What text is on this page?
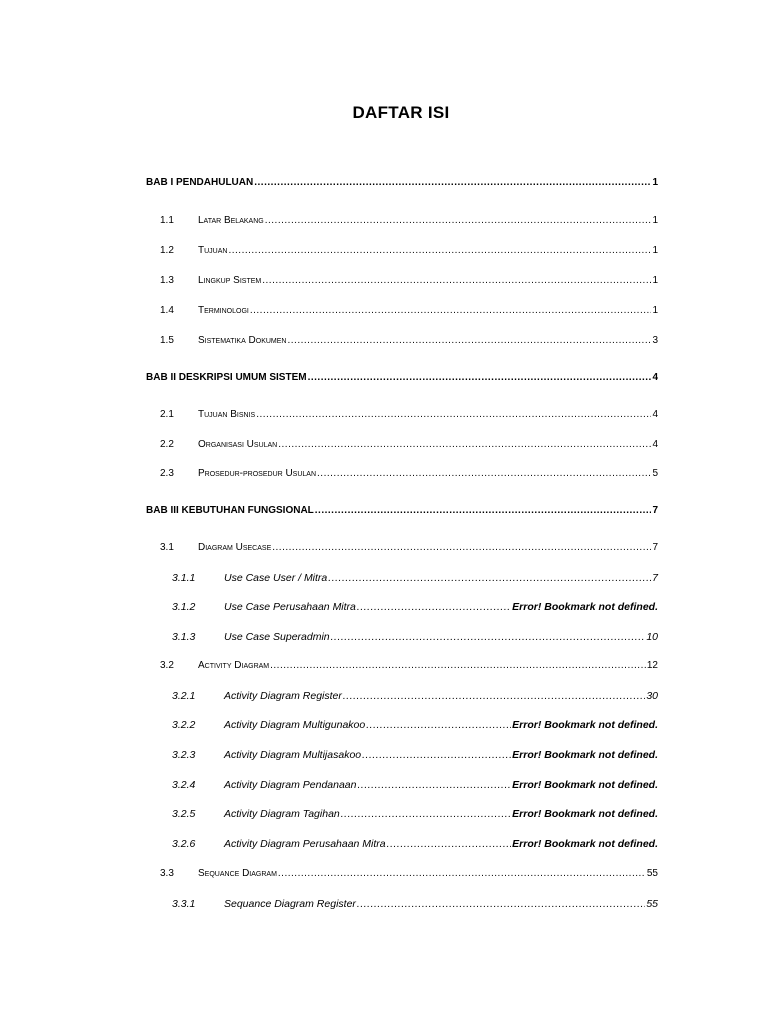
DAFTAR ISI
BAB I PENDAHULUAN .....	1
1.1	Latar Belakang .....	1
1.2	Tujuan .....	1
1.3	Lingkup Sistem .....	1
1.4	Terminologi .....	1
1.5	Sistematika Dokumen .....	3
BAB II DESKRIPSI UMUM SISTEM .....	4
2.1	Tujuan Bisnis .....	4
2.2	Organisasi Usulan .....	4
2.3	Prosedur-prosedur Usulan .....	5
BAB III KEBUTUHAN FUNGSIONAL .....	7
3.1	Diagram Usecase .....	7
3.1.1	Use Case User / Mitra .....	7
3.1.2	Use Case Perusahaan Mitra .....	Error! Bookmark not defined.
3.1.3	Use Case Superadmin .....	10
3.2	Activity Diagram .....	12
3.2.1	Activity Diagram Register .....	30
3.2.2	Activity Diagram Multigunakoo .....	Error! Bookmark not defined.
3.2.3	Activity Diagram Multijasakoo .....	Error! Bookmark not defined.
3.2.4	Activity Diagram Pendanaan .....	Error! Bookmark not defined.
3.2.5	Activity Diagram Tagihan .....	Error! Bookmark not defined.
3.2.6	Activity Diagram Perusahaan Mitra .....	Error! Bookmark not defined.
3.3	Sequance Diagram .....	55
3.3.1	Sequance Diagram Register .....	55
